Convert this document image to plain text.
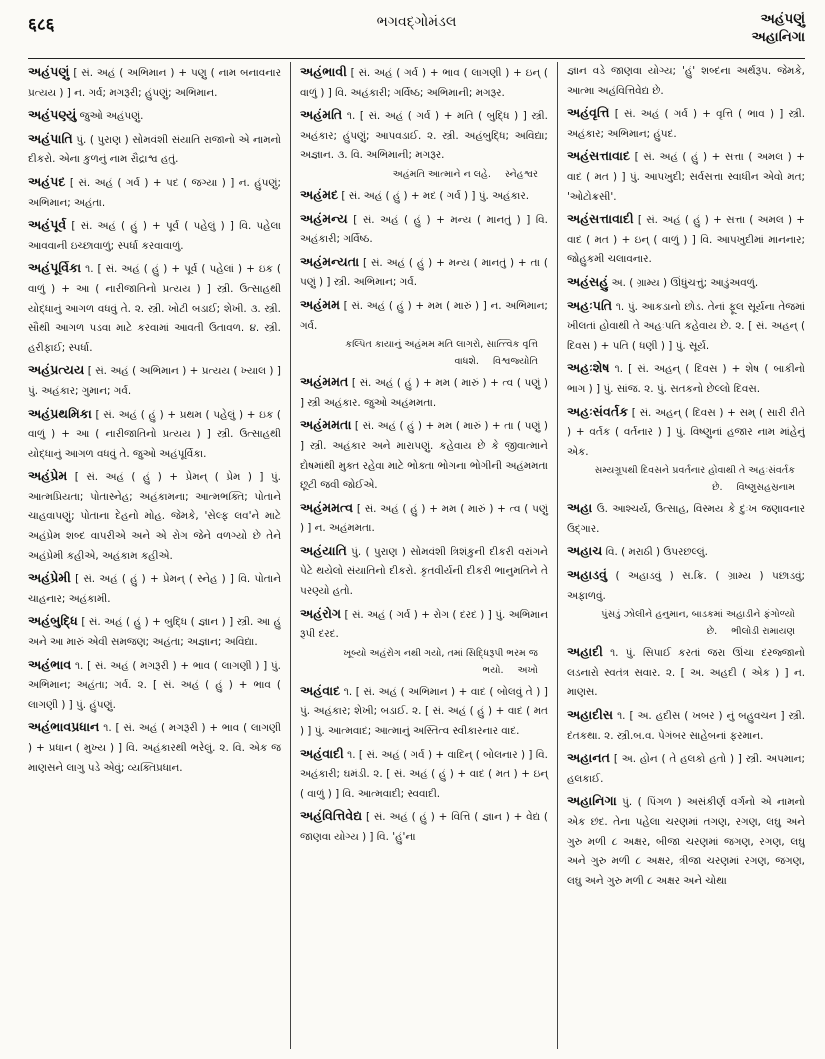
६८६	ભગવદ્ગોમંડલ	અહંપણું
અહાનિગા
અહંપણું [ સં. અહં ( અભિમાન ) + પણુ ( નામ બનાવનાર પ્રત્યય ) ] ન. ગર્વ; મગરૂરી; હુંપણું; અભિમાન.
અહંપણ્યું જુઓ અહંપણું.
અહંપાતિ પું. ( પુરાણ ) સોમવંશી સંયાતિ રાજાનો એ નામનો દીકરો. એના કુળનું નામ રૌદ્રાશ્વ હતું.
અહંપદ [ સં. અહં ( ગર્વ ) + પદ ( જગ્યા ) ] ન. હુંપણું; અભિમાન; અહંતા.
અહંપૂર્વ [ સં. અહં ( હું ) + પૂર્વ ( પહેલું ) ] વિ. પહેલા આવવાની ઇચ્છાવાળું; સ્પર્ધા કરવાવાળું.
અહંપૂર્વિકા ૧. [ સં. અહં ( હું ) + પૂર્વ ( પહેલાં ) + ઇક ( વાળું ) + આ ( નારીજાતિનો પ્રત્યય ) ] સ્ત્રી. ઉત્સાહથી યોદ્ધાનું આગળ વધવું તે. ૨. સ્ત્રી. ખોટી બડાઈ; શેખી. ૩. સ્ત્રી. સૌથી આગળ પડવા માટે કરવામાં આવતી ઉતાવળ. ૪. સ્ત્રી. હરીફાઈ; સ્પર્ધા.
અહંપ્રત્યય [ સં. અહં ( અભિમાન ) + પ્રત્યય ( ખ્યાલ ) ] પું. અહંકાર; ગુમાન; ગર્વ.
અહંપ્રથમિકા [ સં. અહં ( હું ) + પ્રથમ ( પહેલું ) + ઇક ( વાળું ) + આ ( નારીજાતિનો પ્રત્યય ) ] સ્ત્રી. ઉત્સાહથી યોદ્ધાનું આગળ વધવું તે. જુઓ અહંપૂર્વિકા.
અહંપ્રેમ [ સં. અહં ( હું ) + પ્રેમન્ ( પ્રેમ ) ] પું. આત્મપ્રિયતા; પોતાસ્નેહ; અહંકામના; આત્મભક્તિ; પોતાને ચાહવાપણું; પોતાના દેહનો મોહ. જેમકે, 'સેલ્ફ લવ'ને માટે અહંપ્રેમ શબ્દ વાપરીએ અને એ રોગ જેને વળગ્યો છે તેને અહંપ્રેમી કહીએ, અહંકામ કહીએ.
અહંપ્રેમી [ સં. અહં ( હું ) + પ્રેમન્ ( સ્નેહ ) ] વિ. પોતાને ચાહનાર; અહંકામી.
અહંબુદ્ધિ [ સં. અહં ( હું ) + બુદ્ધિ ( જ્ઞાન ) ] સ્ત્રી. આ હું અને આ મારું એવી સમજણ; અહંતા; અજ્ઞાન; અવિદ્યા.
અહંભાવ ૧. [ સં. અહં ( મગરૂરી ) + ભાવ ( લાગણી ) ] પું. અભિમાન; અહંતા; ગર્વ. ૨. [ સં. અહં ( હું ) + ભાવ ( લાગણી ) ] પું. હુંપણું.
અહંભાવપ્રધાન ૧. [ સં. અહં ( મગરૂરી ) + ભાવ ( લાગણી ) + પ્રધાન ( મુખ્ય ) ] વિ. અહંકારથી ભરેલું. ૨. વિ. એક જ માણસને લાગુ પડે એવું; વ્યક્તિપ્રધાન.
અહંભાવી [ સં. અહં ( ગર્વ ) + ભાવ ( લાગણી ) + ઇન્ ( વાળું ) ] વિ. અહંકારી; ગર્વિષ્ઠ; અભિમાની; મગરૂર.
અહંમતિ ૧. [ સં. અહં ( ગર્વ ) + મતિ ( બુદ્ધિ ) ] સ્ત્રી. અહંકાર; હુંપણું; આપવડાઈ. ૨. સ્ત્રી. અહંબુદ્ધિ; અવિદ્યા; અજ્ઞાન. ૩. વિ. અભિમાની; મગરૂર.
અહંમતિ આત્માને ન લહે. સ્નેહશ્વર
અહંમદ [ સં. અહં ( હું ) + મદ ( ગર્વ ) ] પું. અહંકાર.
અહંમન્ય [ સં. અહં ( હું ) + મન્ય ( માનતું ) ] વિ. અહંકારી; ગર્વિષ્ઠ.
અહંમન્યતા [ સં. અહં ( હું ) + મન્ય ( માનતું ) + તા ( પણું ) ] સ્ત્રી. અભિમાન; ગર્વ.
અહંમમ [ સં. અહં ( હું ) + મમ ( મારું ) ] ન. અભિમાન; ગર્વ.
કલ્પિત કાયાનું અહંમમ મતિ લાગરો, સાત્ત્વિક વૃત્તિ વાધશે. વિશ્વજ્યોતિ
અહંમમત [ સં. અહં ( હું ) + મમ ( મારું ) + ત્વ ( પણું ) ] સ્ત્રી અહંકાર. જુઓ અહંમમતા.
અહંમમતા [ સં. અહં ( હું ) + મમ ( મારું ) + તા ( પણું ) ] સ્ત્રી. અહંકાર અને મારાપણું. કહેવાય છે કે જીવાત્માને દોષમાંથી મુક્ત રહેવા માટે ભોક્તા ભોગના ભોગીની અહંમમતા છૂટી જવી જોઈએ.
અહંમમત્વ [ સં. અહં ( હું ) + મમ ( મારું ) + ત્વ ( પણું ) ] ન. અહંમમતા.
અહંયાતિ પું. ( પુરાણ ) સોમવંશી ત્રિશંકુની દીકરી વરાંગને પેટે થયેલો સંયાતિનો દીકરો. કૃતવીર્યની દીકરી ભાનુમતિને તે પરણ્યો હતો.
અહંરોગ [ સં. અહં ( ગર્વ ) + રોગ ( દરદ ) ] પું. અભિમાન રૂપી દરદ.
ખૂબ્યો અહંરોગ નથી ગયો, તમાં સિદ્ધિરૂપી ભરમ જ ભયો. અખો
અહંવાદ ૧. [ સં. અહં ( અભિમાન ) + વાદ ( બોલવું તે ) ] પું. અહંકાર; શેખી; બડાઈ. ૨. [ સં. અહં ( હું ) + વાદ ( મત ) ] પું. આત્મવાદ; આત્માનું અસ્તિત્વ સ્વીકારનાર વાદ.
અહંવાદી ૧. [ સં. અહં ( ગર્વ ) + વાદિન્ ( બોલનાર ) ] વિ. અહંકારી; ઘમંડી. ૨. [ સં. અહં ( હું ) + વાદ ( મત ) + ઇન્ ( વાળું ) ] વિ. આત્મવાદી; સ્વવાદી.
અહંવિત્તિવેદ્ય [ સં. અહં ( હું ) + વિત્તિ ( જ્ઞાન ) + વેદ્ય ( જાણવા યોગ્ય ) ] વિ. 'હું'ના
જ્ઞાન વડે જાણવા યોગ્ય; 'હું' શબ્દના અર્થરૂપ. જેમકે, આત્મા અહંવિત્તિવેદ્ય છે.
અહંવૃત્તિ [ સં. અહં ( ગર્વ ) + વૃત્તિ ( ભાવ ) ] સ્ત્રી. અહંકાર; અભિમાન; હુંપદ.
અહંસત્તાવાદ [ સં. અહં ( હું ) + સત્તા ( અમલ ) + વાદ ( મત ) ] પું. આપખુદી; સર્વસત્તા સ્વાધીન એવો મત; 'ઓટોક્રસી'.
અહંસત્તાવાદી [ સં. અહં ( હું ) + સત્તા ( અમલ ) + વાદ ( મત ) + ઇન્ ( વાળું ) ] વિ. આપખુદીમાં માનનાર; જોહુકમી ચલાવનાર.
અહંસહું અ. ( ગ્રામ્ય ) ઊંધુંચત્તું; આડુંઅવળું.
અહઃપતિ ૧. પું. આકડાનો છોડ. તેનાં ફૂલ સૂર્યના તેજમાં ખીલતાં હોવાથી તે અહઃપતિ કહેવાય છે. ૨. [ સં. અહન્ ( દિવસ ) + પતિ ( ધણી ) ] પું. સૂર્ય.
અહઃશેષ ૧. [ સં. અહન્ ( દિવસ ) + શેષ ( બાકીનો ભાગ ) ] પું. સાંજ. ૨. પું. સતકનો છેલ્લો દિવસ.
અહઃસંવર્તક [ સં. અહન્ ( દિવસ ) + સમ્ ( સારી રીતે ) + વર્તક ( વર્તનાર ) ] પું. વિષ્ણુનાં હજાર નામ માંહેનું એક.
સમ્યગ્રૂપથી દિવસને પ્રવર્તનાર હોવાથી તે અહઃસંવર્તક છે. વિષ્ણુસહસ્રનામ
અહા ઉ. આશ્ચર્ય, ઉત્સાહ, વિસ્મય કે દુઃખ જણાવનાર ઉદ્ગાર.
અહાચ વિ. ( મરાઠી ) ઉપરછલ્લું.
અહાડવું ( અહાડવું ) સ.ક્રિ. ( ગ્રામ્ય ) પછાડવું; અફાળવું.
પુંસડું ઝોલીને હનુમાન, બાડકમાં અહાડીને ફંગોળ્યો છે. ભીલોડી રામાયણ
અહાદી ૧. પું. સિપાઈ કરતાં જરા ઊંચા દરજ્જાનો લડનારો સ્વતંત્ર સવાર. ૨. [ અ. અહદી ( એક ) ] ન. માણસ.
અહાદીસ ૧. [ અ. હદીસ ( ખબર ) નું બહુવચન ] સ્ત્રી. દંતકથા. ૨. સ્ત્રી.બ.વ. પેગંબર સાહેબનાં ફરમાન.
અહાનત [ અ. હોન ( તે હલકો હતો ) ] સ્ત્રી. અપમાન; હલકાઈ.
અહાનિગા પું. ( પિંગળ ) અસંકીર્ણ વર્ગનો એ નામનો એક છંદ. તેના પહેલા ચરણમાં તગણ, રગણ, લઘુ અને ગુરુ મળી ૮ અક્ષર, બીજા ચરણમાં જગણ, રગણ, લઘુ અને ગુરુ મળી ૮ અક્ષર, ત્રીજા ચરણમાં રગણ, જગણ, લઘુ અને ગુરુ મળી ૮ અક્ષર અને ચોથા
